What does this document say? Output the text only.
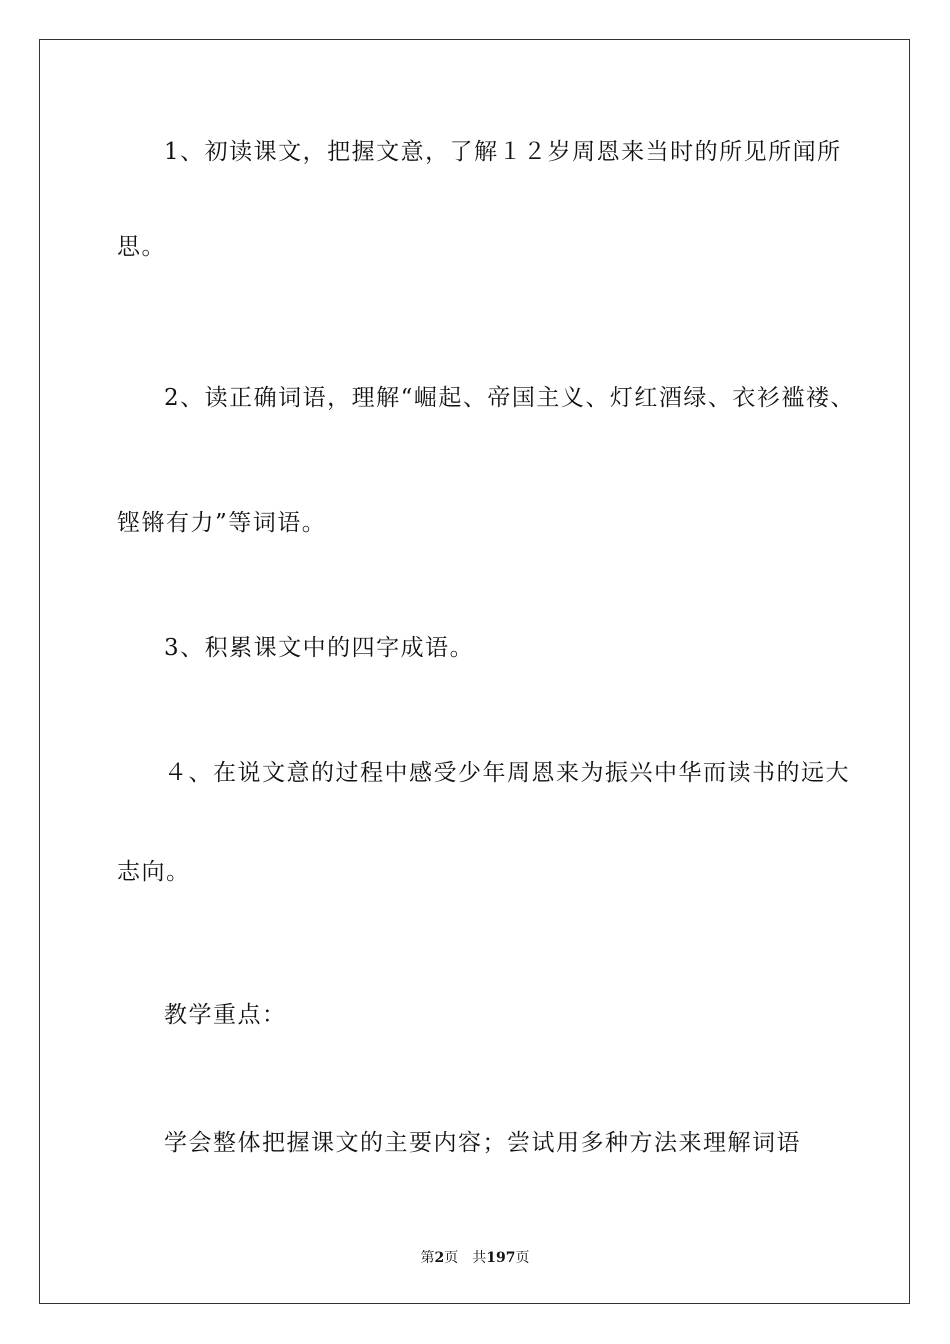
1、初读课文，把握文意，了解１２岁周恩来当时的所见所闻所
思。
2、读正确词语，理解“崛起、帝国主义、灯红酒绿、衣衫褴褛、
铿锵有力”等词语。
3、积累课文中的四字成语。
４、在说文意的过程中感受少年周恩来为振兴中华而读书的远大
志向。
教学重点：
学会整体把握课文的主要内容；尝试用多种方法来理解词语
第2页 共197页
